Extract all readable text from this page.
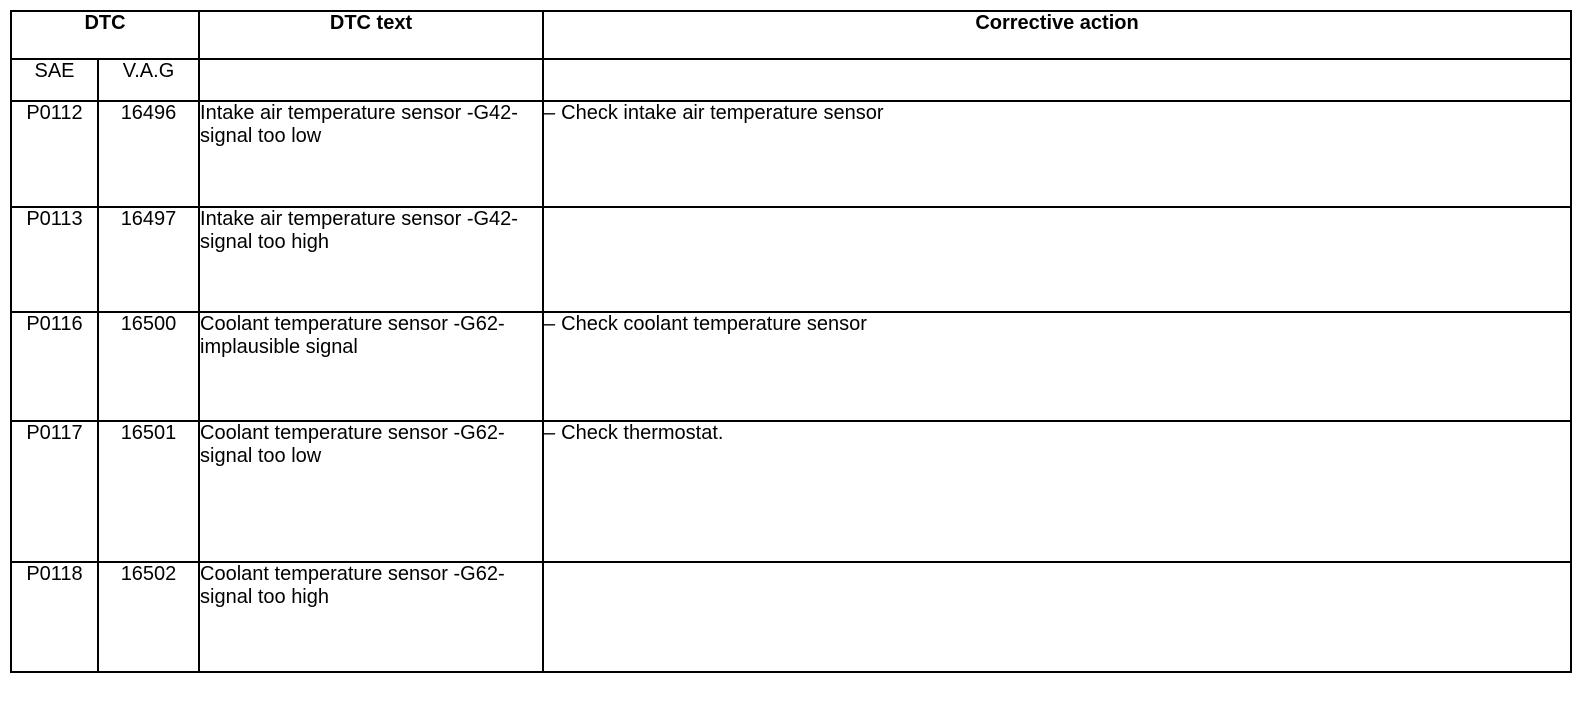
DTC		DTC text	Corrective action
SAE	V.A.G		
P0112	16496	Intake air temperature sensor -G42- signal too low	– Check intake air temperature sensor
P0113	16497	Intake air temperature sensor -G42- signal too high	
P0116	16500	Coolant temperature sensor -G62- implausible signal	– Check coolant temperature sensor
P0117	16501	Coolant temperature sensor -G62- signal too low	– Check thermostat.
P0118	16502	Coolant temperature sensor -G62- signal too high	
